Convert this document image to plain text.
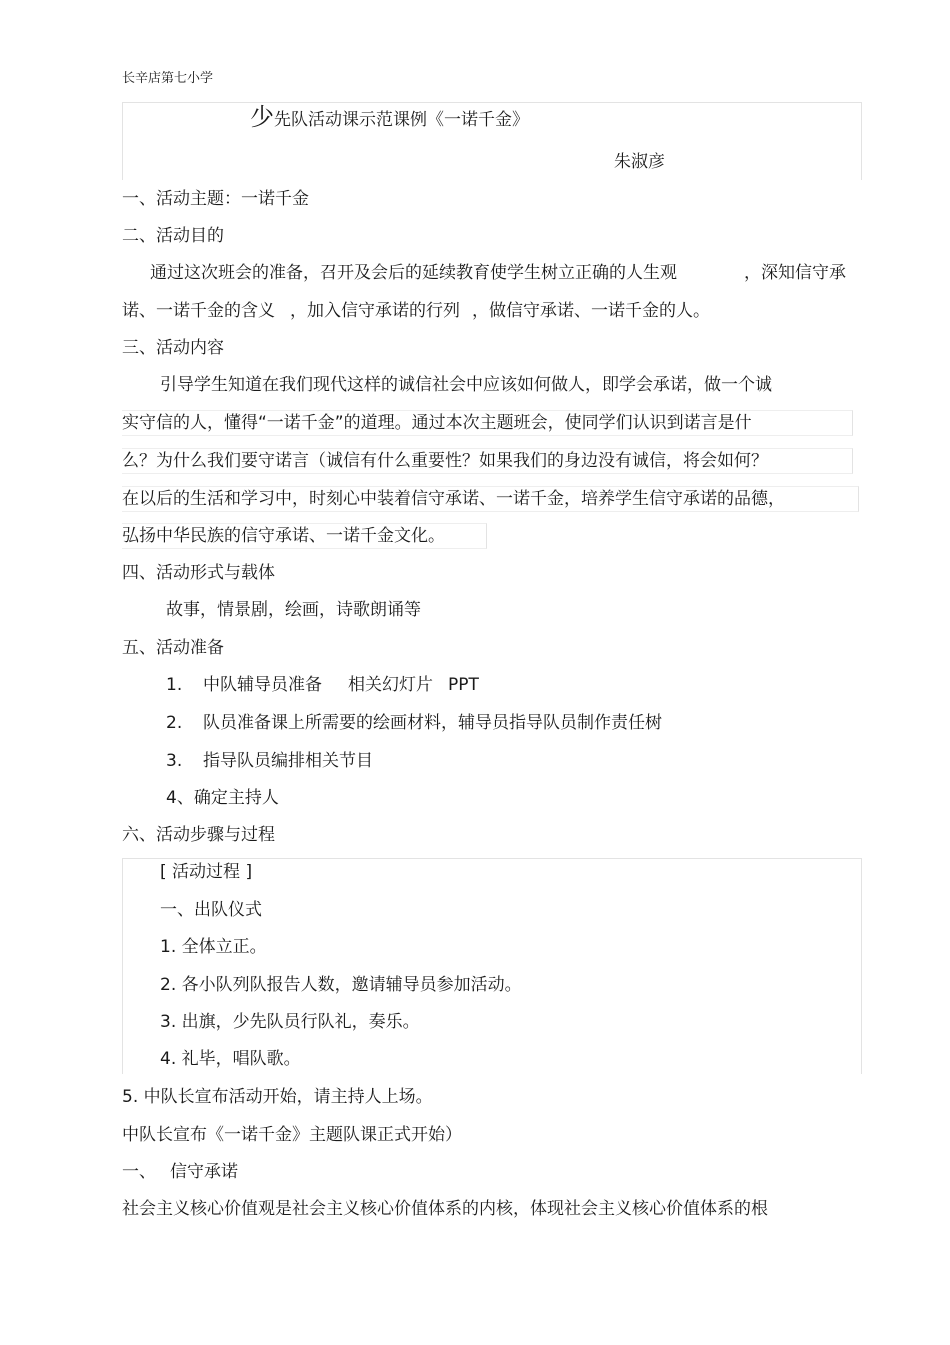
长辛店第七小学
少先队活动课示范课例《一诺千金》
朱淑彦
一、活动主题：一诺千金
二、活动目的
通过这次班会的准备，召开及会后的延续教育使学生树立正确的人生观	，深知信守承
诺、一诺千金的含义 ，加入信守承诺的行列 ，做信守承诺、一诺千金的人。
三、活动内容
引导学生知道在我们现代这样的诚信社会中应该如何做人，即学会承诺，做一个诚
实守信的人，懂得“一诺千金”的道理。通过本次主题班会，使同学们认识到诺言是什
么？为什么我们要守诺言（诚信有什么重要性？如果我们的身边没有诚信，将会如何？
在以后的生活和学习中，时刻心中装着信守承诺、一诺千金，培养学生信守承诺的品德，
弘扬中华民族的信守承诺、一诺千金文化。
四、活动形式与载体
故事，情景剧，绘画，诗歌朗诵等
五、活动准备
1. 中队辅导员准备 相关幻灯片 PPT
2. 队员准备课上所需要的绘画材料，辅导员指导队员制作责任树
3. 指导队员编排相关节目
4、确定主持人
六、活动步骤与过程
[ 活动过程 ]
一、出队仪式
1. 全体立正。
2. 各小队列队报告人数，邀请辅导员参加活动。
3. 出旗，少先队员行队礼，奏乐。
4. 礼毕，唱队歌。
5. 中队长宣布活动开始，请主持人上场。
中队长宣布《一诺千金》主题队课正式开始）
一、 信守承诺
社会主义核心价值观是社会主义核心价值体系的内核，体现社会主义核心价值体系的根
